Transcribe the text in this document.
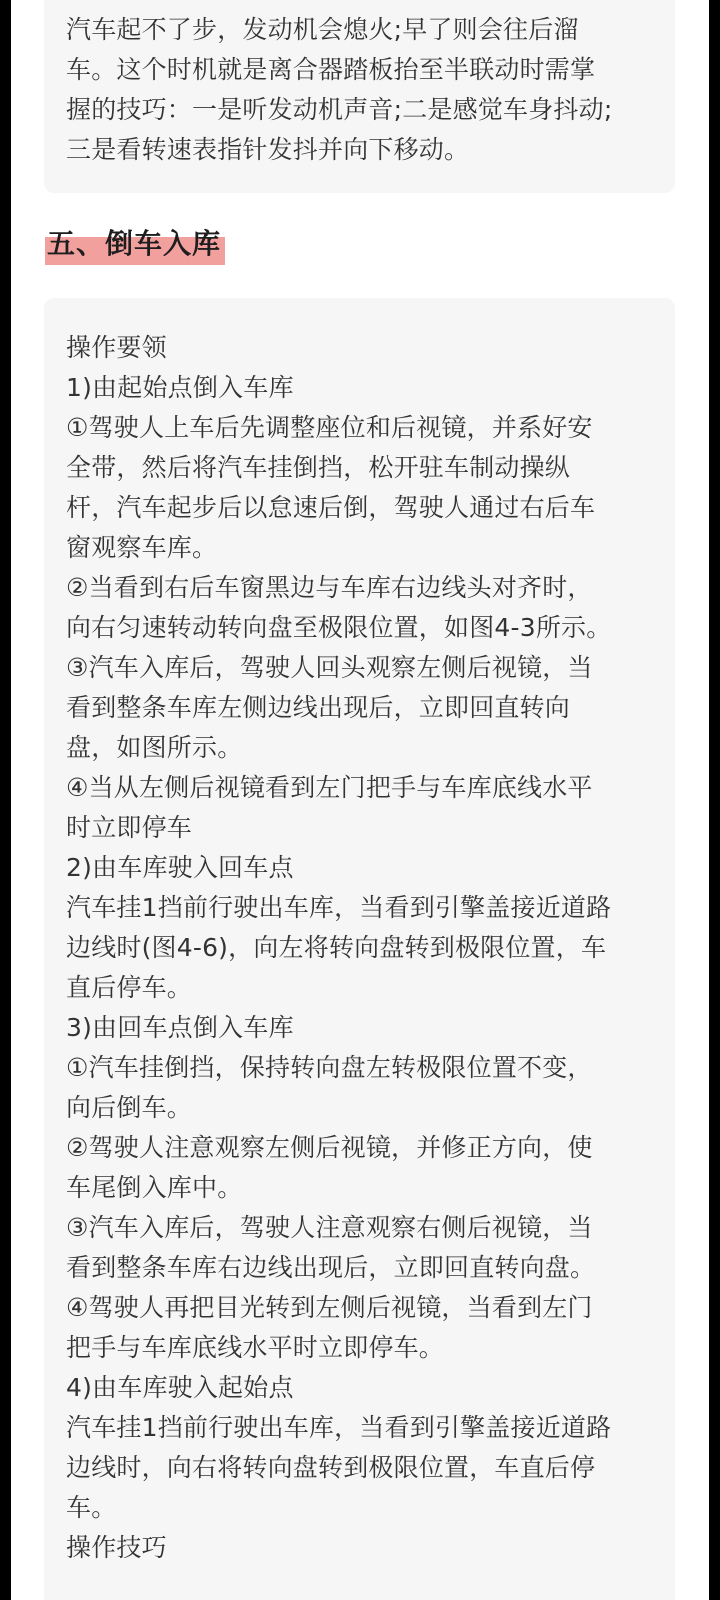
汽车起不了步，发动机会熄火;早了则会往后溜
车。这个时机就是离合器踏板抬至半联动时需掌
握的技巧：一是听发动机声音;二是感觉车身抖动;
三是看转速表指针发抖并向下移动。
五、倒车入库
操作要领
1)由起始点倒入车库
①驾驶人上车后先调整座位和后视镜，并系好安
全带，然后将汽车挂倒挡，松开驻车制动操纵
杆，汽车起步后以怠速后倒，驾驶人通过右后车
窗观察车库。
②当看到右后车窗黑边与车库右边线头对齐时，
向右匀速转动转向盘至极限位置，如图4-3所示。
③汽车入库后，驾驶人回头观察左侧后视镜，当
看到整条车库左侧边线出现后，立即回直转向
盘，如图所示。
④当从左侧后视镜看到左门把手与车库底线水平
时立即停车
2)由车库驶入回车点
汽车挂1挡前行驶出车库，当看到引擎盖接近道路
边线时(图4-6)，向左将转向盘转到极限位置，车
直后停车。
3)由回车点倒入车库
①汽车挂倒挡，保持转向盘左转极限位置不变，
向后倒车。
②驾驶人注意观察左侧后视镜，并修正方向，使
车尾倒入库中。
③汽车入库后，驾驶人注意观察右侧后视镜，当
看到整条车库右边线出现后，立即回直转向盘。
④驾驶人再把目光转到左侧后视镜，当看到左门
把手与车库底线水平时立即停车。
4)由车库驶入起始点
汽车挂1挡前行驶出车库，当看到引擎盖接近道路
边线时，向右将转向盘转到极限位置，车直后停
车。
操作技巧
